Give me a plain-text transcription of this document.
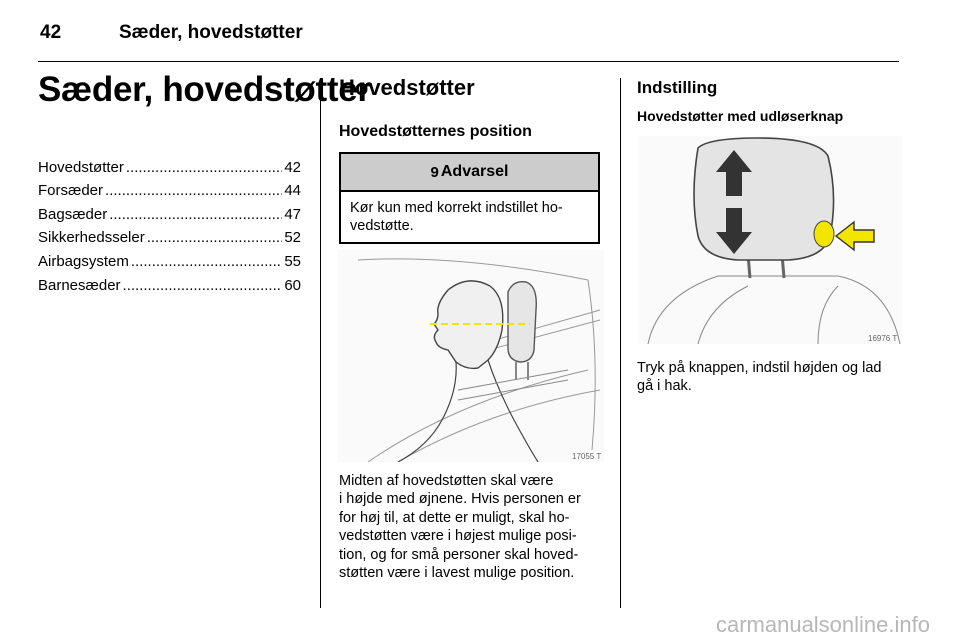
42	Sæder, hovedstøtter
Sæder, hovedstøtter
Hovedstøtter .....	42
Forsæder .....	44
Bagsæder .....	47
Sikkerhedsseler .....	52
Airbagsystem .....	55
Barnesæder .....	60
Hovedstøtter
Hovedstøtternes position
9 Advarsel
Kør kun med korrekt indstillet hovedstøtte.
17055 T
Midten af hovedstøtten skal være
i højde med øjnene. Hvis personen er
for høj til, at dette er muligt, skal ho-
vedstøtten være i højest mulige posi-
tion, og for små personer skal hoved-
støtten være i lavest mulige position.
Indstilling
Hovedstøtter med udløserknap
16976 T
Tryk på knappen, indstil højden og lad
gå i hak.
carmanualsonline.info
